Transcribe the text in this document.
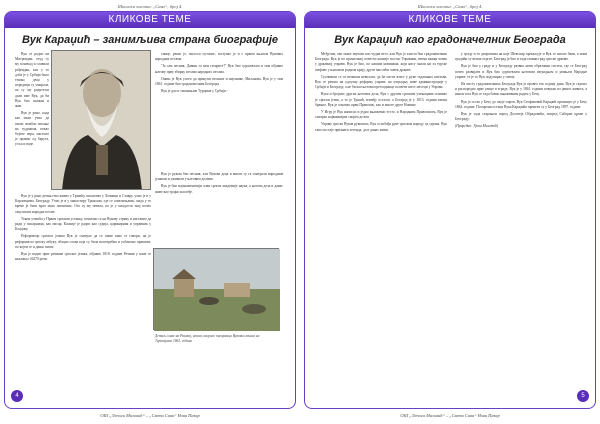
Школски часопис „Сава“, број 4.
КЛИКОВЕ ТЕМЕ
Вук Караџић – занимљива страна биографије

Вук се родио на Митровдан, отуд су му понекад и славили рођендан, али у то доба је у Србији било тешко; деца у породици су умирала, па су му родитељи дали име Вук, да би Вук био снажан и жив.

Вук је рано, када као мали учио да пише, вежбао писање на гудунима, пекао бојите пера, мастило је правио од барута, угља и воде.

Вук је у рано детињство живео у Тршићу, школовао у Лозници и Ставру, учио је и у Карловцима, Београду. Учио је и у манастиру Троноши, где се описмењавао, мада у то време је било врло мало писмених. Ото су му певала, па је у младости зној почео сакупљати народне песме.

Током учешћа у Првом српском устанку, пешачио се на Вукову страну и наставио да ради у писарници, као писар. Касније је радио као судија, царинарник и управник у Кладову.

Реформатор српског језика Вук је сматрао да се пише како се говори, па је реформисао српску азбуку, збацио слова која су била непотребна и уобличио правопис по којем се и данас пише.

Вук је водио прве речнике српског језика, објавио 1818. године Речник у коме се налазило 26270 речи.

синце, рекао је, ошлоси путопис, заступао је и с првом књигом Вукових народних песама.

"Ја сам песник, Давиш га мен гатарите?" Вук био одушевљен и тим објавио његову прву збирку песама народних песама.

Онако је Вук успео да прикупи песнике и научнике, Миланова, Вук је у тим 1861. године био градоначелник Београда.

Вук је дао и тамошњим Турцима у Србији -

Вук је ружан био песник, али Вукова деца и многи су га сматрали народним јунаком и уживали у његовим делима.

Вук је био најзнаменитији члан српске академије наука, а његова дела и данас живе као трајно наслеђе.

Детаљ слике на Рашкој, неком, ширило писарница Вукових књига на Теразијама 1861. године
4
ОШ „Лепоса Миловић“ – „Свети Сава“ Нови Пазар
Школски часопис „Сава“, број 4.
КЛИКОВЕ ТЕМЕ
Вук Караџић као градоначелник Београда

Међутим, ово може звучати као чудна вест, али Вук је заиста био градоначелник Београда. Вук је по прочитаној повести касније постао Управник, веома важан човек у државној управи. Вук је био, по нашим новинама, који нису знали ни за турске шефове у њиховом родном крају, други мислећи човек државе.

Суочивши се са великом невољом, да ће пасти власт у руке тадашњих кнезова, Вук се решио на одлучну реформу управе, на изградњу нове администрације у Србији и Београду, а не би као његови претходници посвети шест месеци у Управи.

Вука и бројних других његових дела, Вук с другим српским учењацима оснивао је српски језик, а то је Тршић, између осталог, а Београд је у 1813. години веома бранио. Вук је основао први Правопис, као и многе друге Новине.

У Игру је Вук написао и једно књижевно тесто, и Народним Правописом, Вук је сматрао најважнијим својим делом.

Управу српске Вуков рукописи, Вук ослобађа руке српском народу од турака. Вук тако постаје признати легенда, да и данас живи.

у граду и то дворовима на које Шекспир прекаљује и Вук се нисмо бави, а нови градићи су веома отргле, Београд је био и тада главни град српске државе.

Вук је био у граду и у Београду развио нови образовни систем, где се Београд почео развијати и Вук био одушевљен његовом изградњом и јачањем Народне управе, те је то Вук подупирао у свему.

На месту градоначелника Београда Вук је провео тек годину дана. Вук је скупио и распоредио прве улице и зграде, Вук је у 1861. години повукао из јавног живота, а након тога Вук се тада бавио књижевним радом у Бечу.

Вук је остао у Бечу до своје смрти. Вук Стефановић Караџић преминуо је у Бечу 1864. године. Посмртни остаци Вука Караџића пренети су у Београд 1897. године.

Вук је тада сахрањен поред Доситеја Обрадовића, испред Саборне цркве у Београду.

(Приредио: Урош Милетић)

5
ОШ „Лепоса Миловић“ – „Свети Сава“ Нови Пазар
